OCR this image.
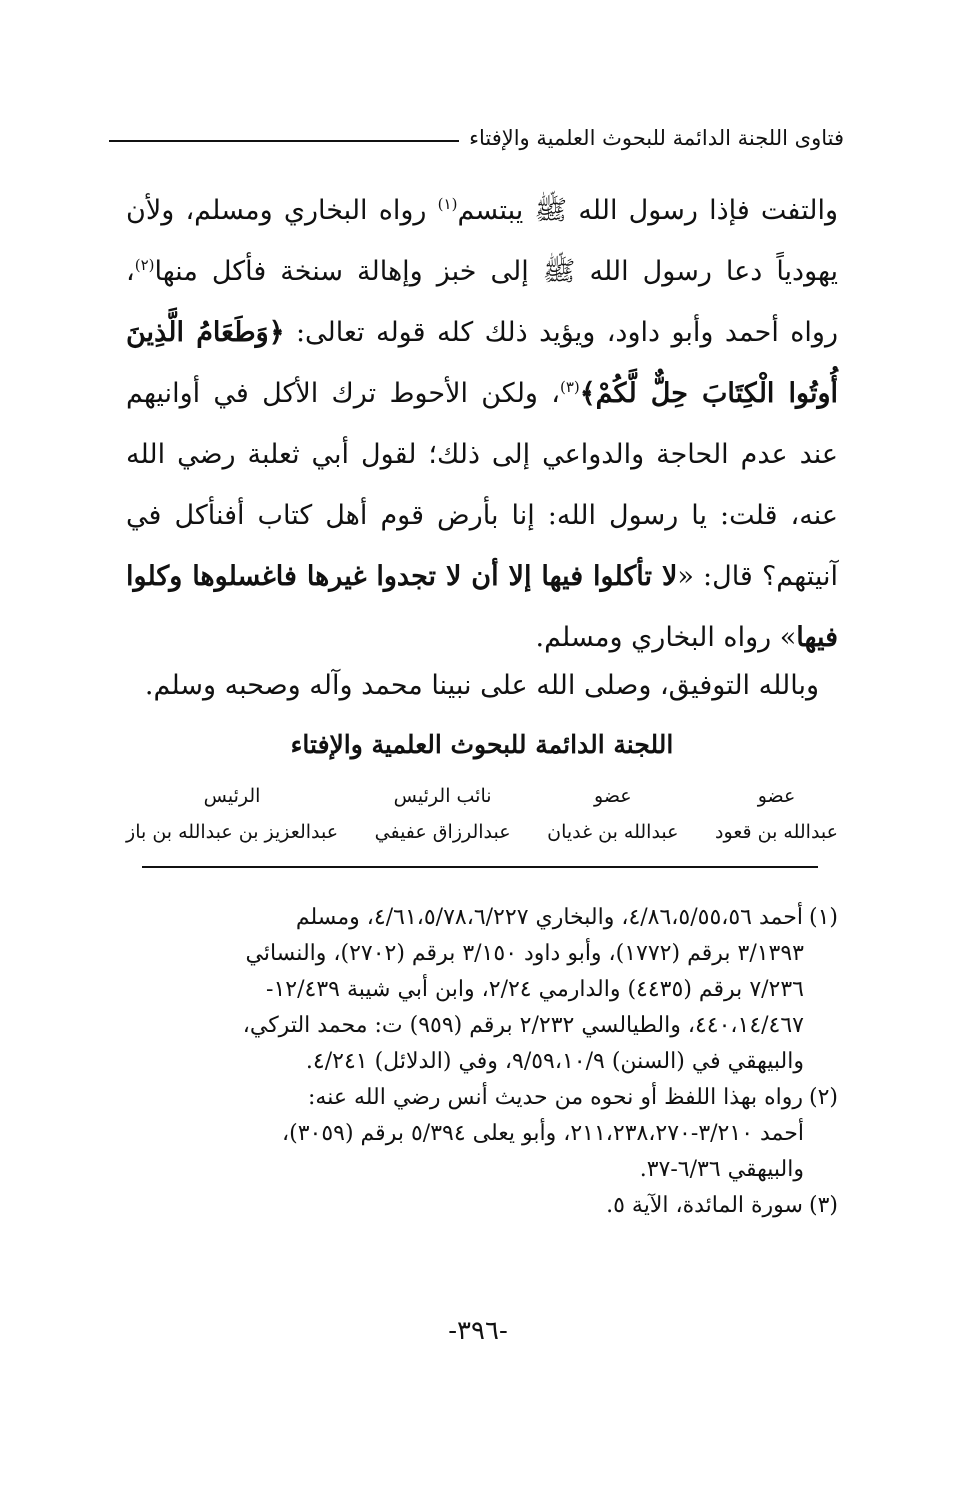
فتاوى اللجنة الدائمة للبحوث العلمية والإفتاء

والتفت فإذا رسول الله ﷺ يبتسم$^{(١)}$ رواه البخاري ومسلم، ولأن يهودياً دعا رسول الله ﷺ إلى خبز وإهالة سنخة فأكل منها$^{(٢)}$، رواه أحمد وأبو داود، ويؤيد ذلك كله قوله تعالى: ﴿وَطَعَامُ الَّذِينَ أُوتُوا الْكِتَابَ حِلٌّ لَّكُمْ﴾$^{(٣)}$، ولكن الأحوط ترك الأكل في أوانيهم عند عدم الحاجة والدواعي إلى ذلك؛ لقول أبي ثعلبة رضي الله عنه، قلت: يا رسول الله: إنا بأرض قوم أهل كتاب أفنأكل في آنيتهم؟ قال: «لا تأكلوا فيها إلا أن لا تجدوا غيرها فاغسلوها وكلوا فيها» رواه البخاري ومسلم.

وبالله التوفيق، وصلى الله على نبينا محمد وآله وصحبه وسلم.
اللجنة الدائمة للبحوث العلمية والإفتاء
عضو
عبدالله بن قعود
عضو
عبدالله بن غديان
نائب الرئيس
عبدالرزاق عفيفي
الرئيس
عبدالعزيز بن عبدالله بن باز
(١)أحمد ٤/٨٦،٥/٥٥،٥٦، والبخاري ٤/٦١،٥/٧٨،٦/٢٢٧، ومسلم
٣/١٣٩٣ برقم (١٧٧٢)، وأبو داود ٣/١٥٠ برقم (٢٧٠٢)، والنسائي
٧/٢٣٦ برقم (٤٤٣٥) والدارمي ٢/٢٤، وابن أبي شيبة ١٢/٤٣٩-
٤٤٠،١٤/٤٦٧، والطيالسي ٢/٢٣٢ برقم (٩٥٩) ت: محمد التركي،
والبيهقي في (السنن) ٩/٥٩،١٠/٩، وفي (الدلائل) ٤/٢٤١.
(٢)رواه بهذا اللفظ أو نحوه من حديث أنس رضي الله عنه:
أحمد ٣/٢١٠-٢١١،٢٣٨،٢٧٠، وأبو يعلى ٥/٣٩٤ برقم (٣٠٥٩)،
والبيهقي ٦/٣٦-٣٧.
(٣)سورة المائدة، الآية ٥.
-٣٩٦-
